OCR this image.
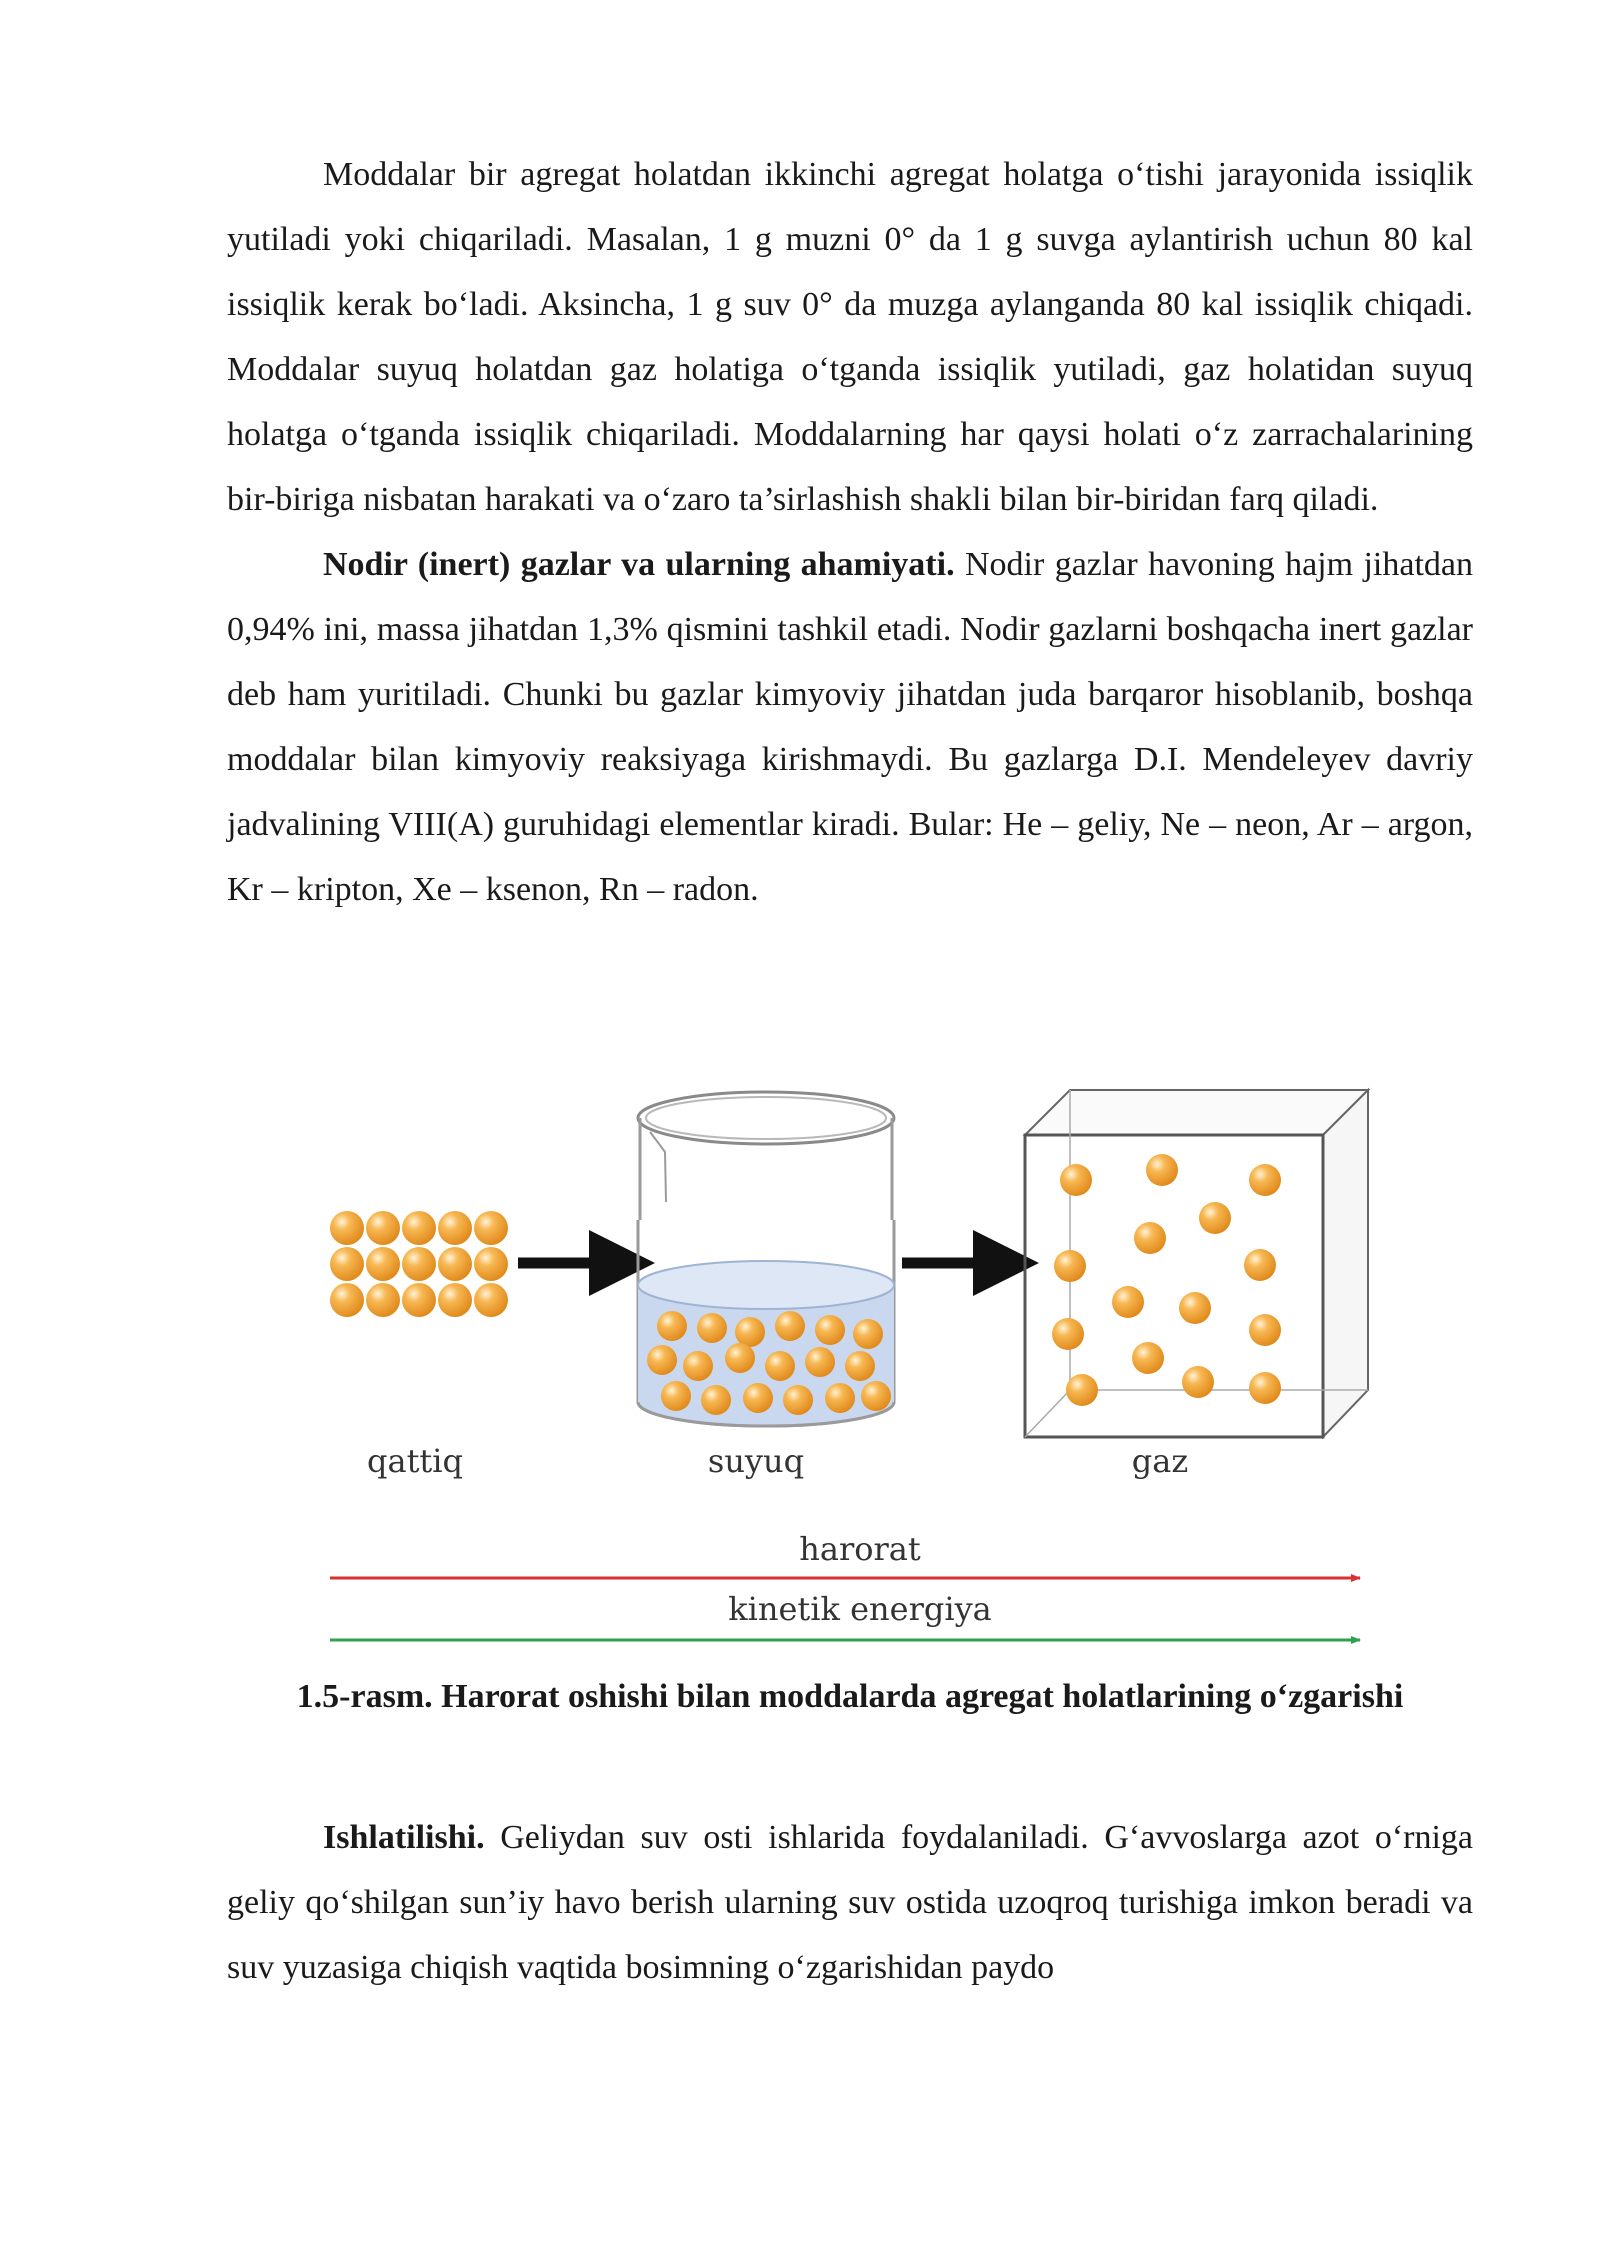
Moddalar bir agregat holatdan ikkinchi agregat holatga o‘tishi jarayonida issiqlik yutiladi yoki chiqariladi. Masalan, 1 g muzni 0° da 1 g suvga aylantirish uchun 80 kal issiqlik kerak bo‘ladi. Aksincha, 1 g suv 0° da muzga aylanganda 80 kal issiqlik chiqadi. Moddalar suyuq holatdan gaz holatiga o‘tganda issiqlik yutiladi, gaz holatidan suyuq holatga o‘tganda issiqlik chiqariladi. Moddalarning har qaysi holati o‘z zarrachalarining bir-biriga nisbatan harakati va o‘zaro ta’sirlashish shakli bilan bir-biridan farq qiladi.

Nodir (inert) gazlar va ularning ahamiyati. Nodir gazlar havoning hajm jihatdan 0,94% ini, massa jihatdan 1,3% qismini tashkil etadi. Nodir gazlarni boshqacha inert gazlar deb ham yuritiladi. Chunki bu gazlar kimyoviy jihatdan juda barqaror hisoblanib, boshqa moddalar bilan kimyoviy reaksiyaga kirishmaydi. Bu gazlarga D.I. Mendeleyev davriy jadvalining VIII(A) guruhidagi elementlar kiradi. Bular: He – geliy, Ne – neon, Ar – argon, Kr – kripton, Xe – ksenon, Rn – radon.

qattiq	suyuq	gaz
harorat
kinetik energiya
1.5-rasm. Harorat oshishi bilan moddalarda agregat holatlarining o‘zgarishi

Ishlatilishi. Geliydan suv osti ishlarida foydalaniladi. G‘avvoslarga azot o‘rniga geliy qo‘shilgan sun’iy havo berish ularning suv ostida uzoqroq turishiga imkon beradi va suv yuzasiga chiqish vaqtida bosimning o‘zgarishidan paydo
